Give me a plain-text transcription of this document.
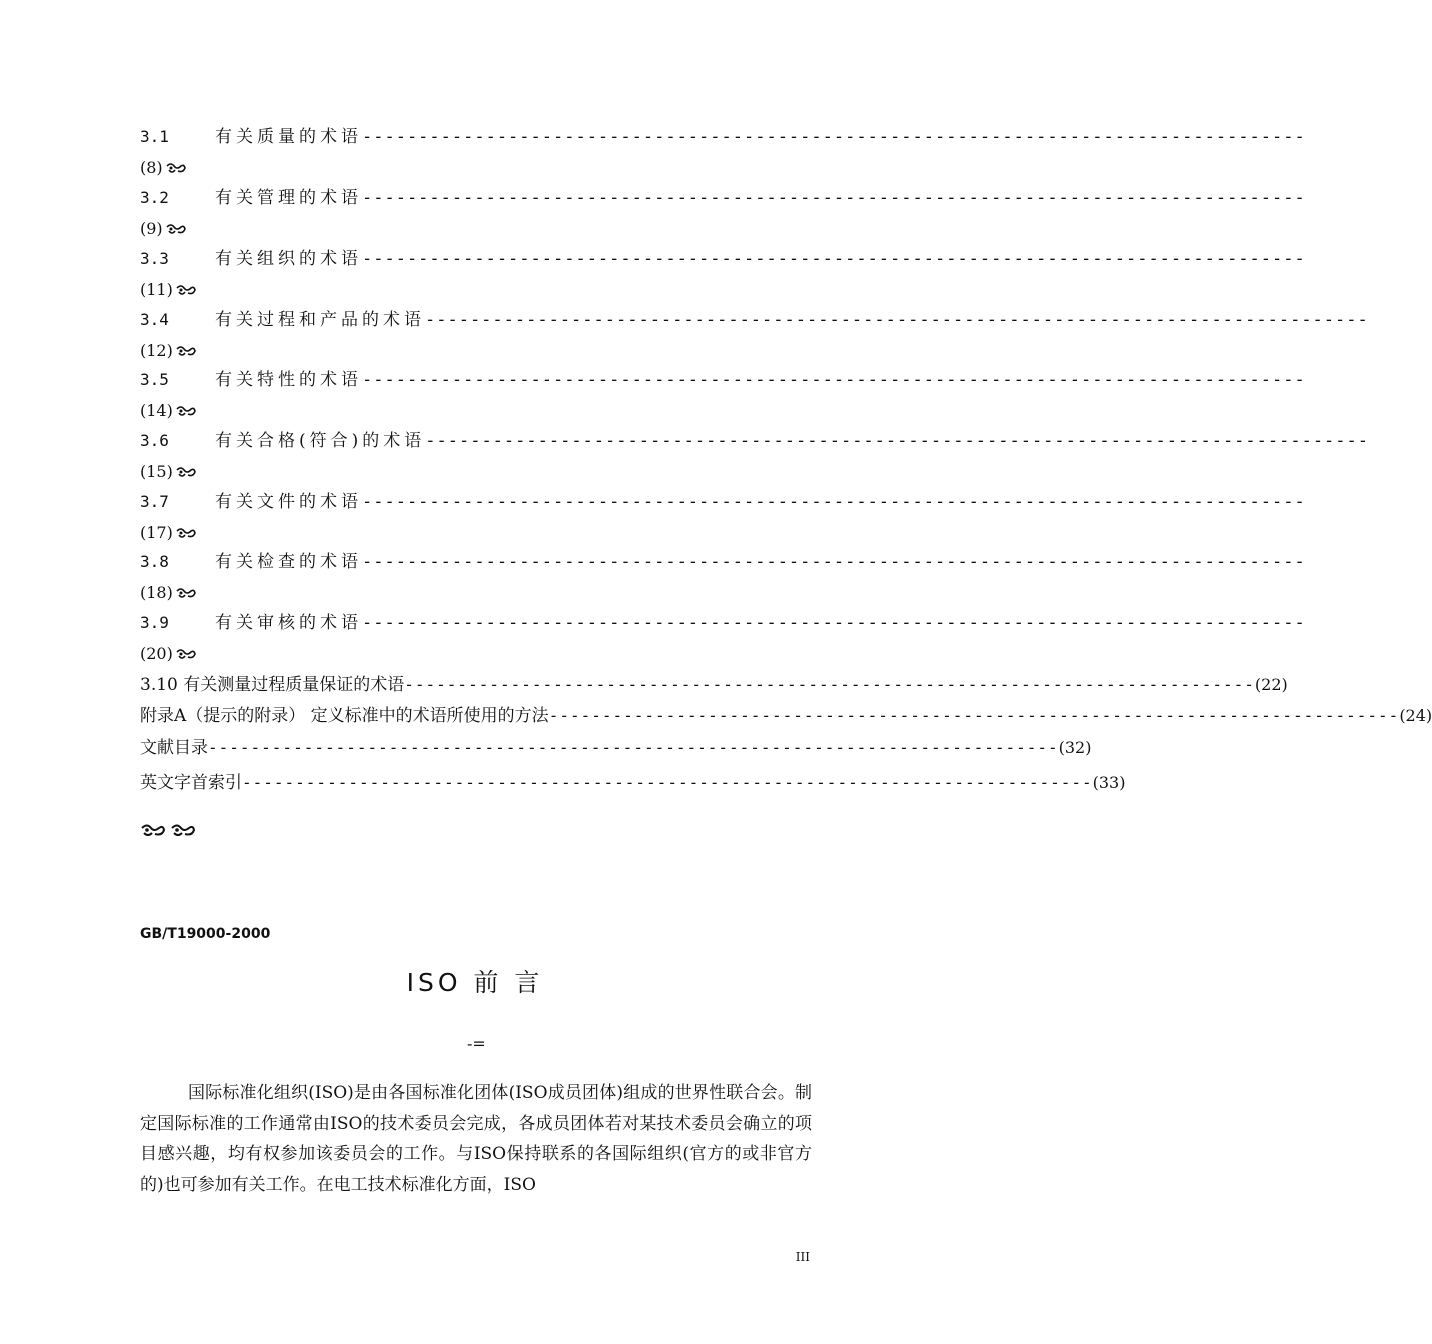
3.1	有关质量的术语 ------------------------------------------------------------------------------------
(8)
3.2	有关管理的术语 ------------------------------------------------------------------------------------
(9)
3.3	有关组织的术语 ------------------------------------------------------------------------------------
(11)
3.4	有关过程和产品的术语 ------------------------------------------------------------------------------------
(12)
3.5	有关特性的术语 ------------------------------------------------------------------------------------
(14)
3.6	有关合格(符合)的术语 ------------------------------------------------------------------------------------
(15)
3.7	有关文件的术语 ------------------------------------------------------------------------------------
(17)
3.8	有关检查的术语 ------------------------------------------------------------------------------------
(18)
3.9	有关审核的术语 ------------------------------------------------------------------------------------
(20)
3.10 有关测量过程质量保证的术语 -------------------------------------------------------------------------------- (22)
附录A（提示的附录） 定义标准中的术语所使用的方法 -------------------------------------------------------------------------------- (24)
文献目录 -------------------------------------------------------------------------------- (32)
英文字首索引 -------------------------------------------------------------------------------- (33)
GB/T19000-2000
ISO 前 言
-=
国际标准化组织(ISO)是由各国标准化团体(ISO成员团体)组成的世界性联合会。制定国际标准的工作通常由ISO的技术委员会完成，各成员团体若对某技术委员会确立的项目感兴趣，均有权参加该委员会的工作。与ISO保持联系的各国际组织(官方的或非官方的)也可参加有关工作。在电工技术标准化方面，ISO
III
